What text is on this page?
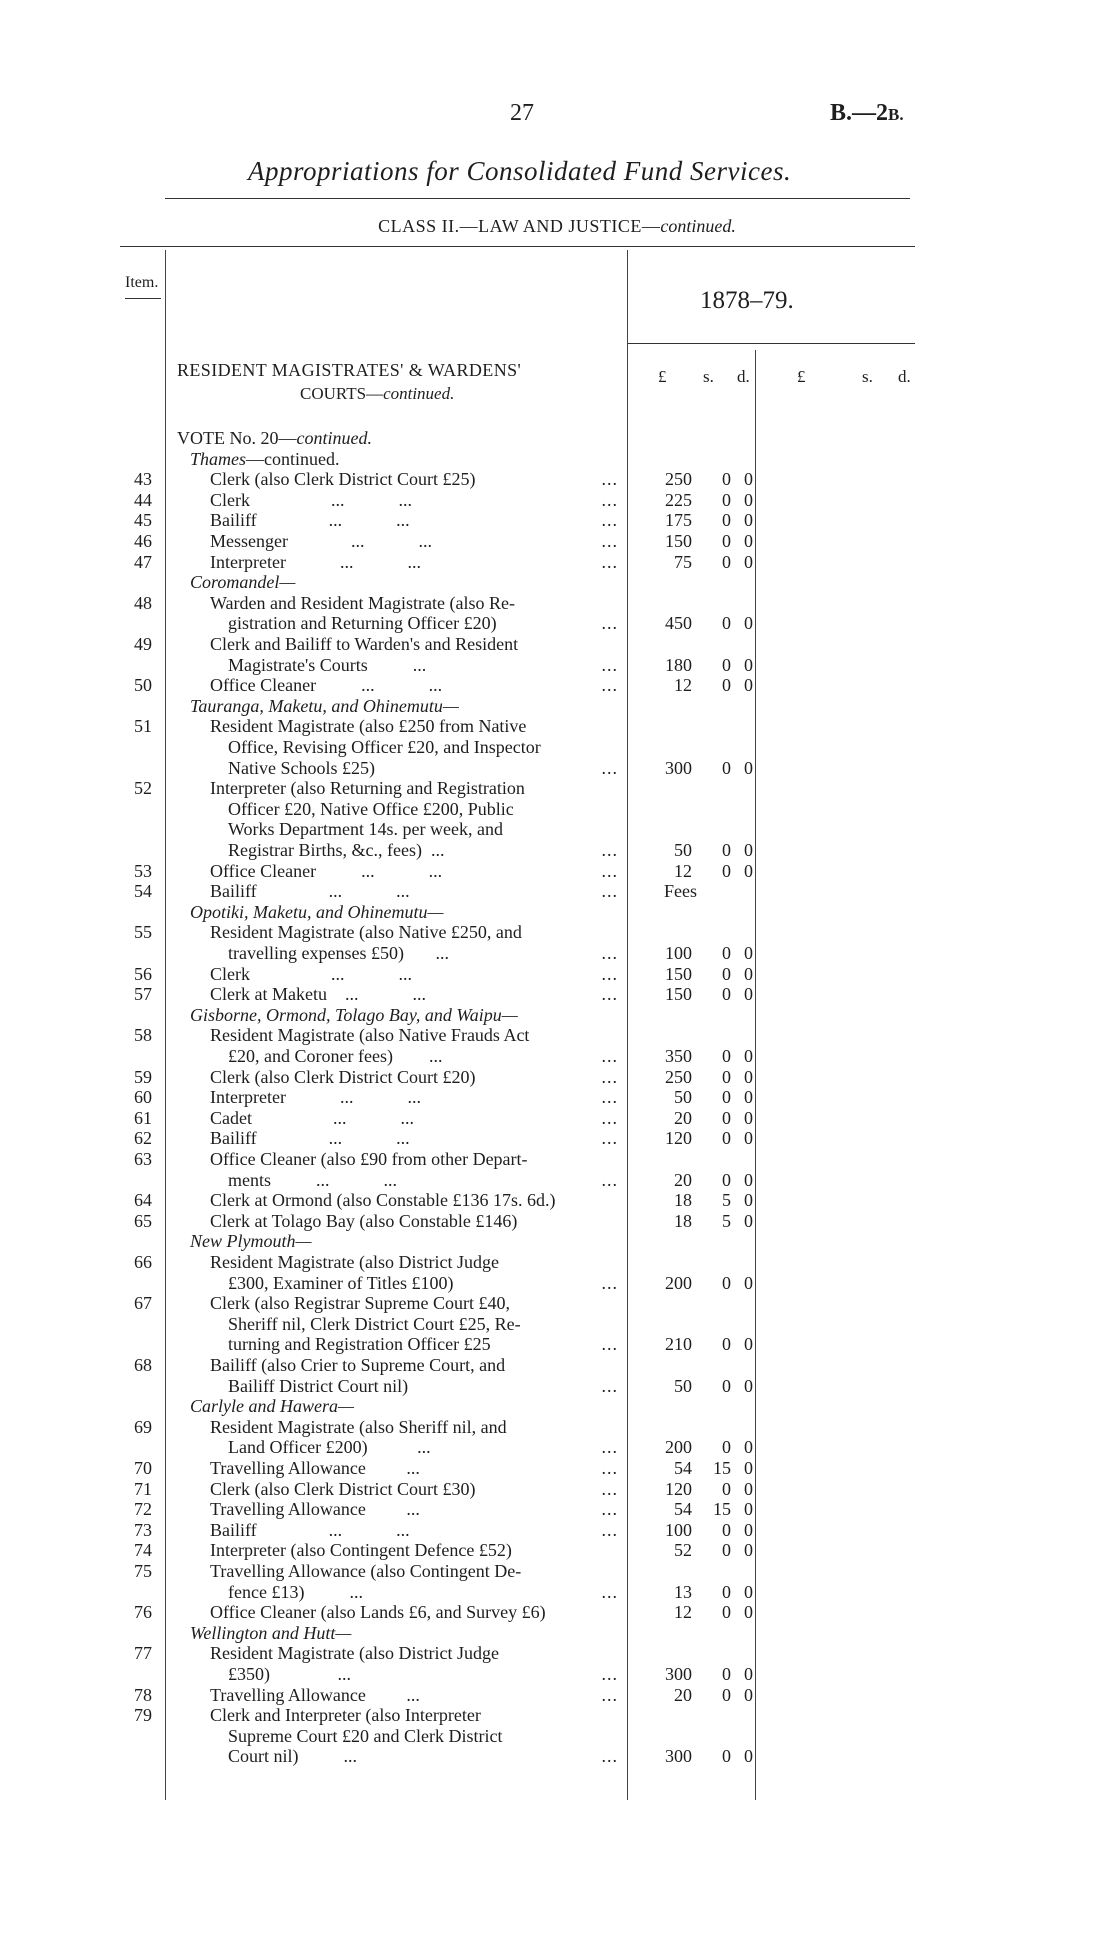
27	B.—2B.
Appropriations for Consolidated Fund Services.
CLASS II.—LAW AND JUSTICE—continued.
Item.
1878–79.
£ s. d.	£	s. d.
RESIDENT MAGISTRATES' & WARDENS'
COURTS—continued.
VOTE No. 20—continued.
Thames—continued.
43	Clerk (also Clerk District Court £25)	...	250	0 0
44	Clerk                  ...            ...	...	225	0 0
45	Bailiff                ...            ...	...	175	0 0
46	Messenger              ...            ...	...	150	0 0
47	Interpreter            ...            ...	...	75	0 0
Coromandel—
48	Warden and Resident Magistrate (also Re-
gistration and Returning Officer £20)	...	450	0 0
49	Clerk and Bailiff to Warden's and Resident
Magistrate's Courts          ...	...	180	0 0
50	Office Cleaner          ...            ...	...	12	0 0
Tauranga, Maketu, and Ohinemutu—
51	Resident Magistrate (also £250 from Native
Office, Revising Officer £20, and Inspector
Native Schools £25)	...	300	0 0
52	Interpreter (also Returning and Registration
Officer £20, Native Office £200, Public
Works Department 14s. per week, and
Registrar Births, &c., fees)  ...	...	50	0 0
53	Office Cleaner          ...            ...	...	12	0 0
54	Bailiff                ...            ...	...	Fees
Opotiki, Maketu, and Ohinemutu—
55	Resident Magistrate (also Native £250, and
travelling expenses £50)       ...	...	100	0 0
56	Clerk                  ...            ...	...	150	0 0
57	Clerk at Maketu    ...            ...	...	150	0 0
Gisborne, Ormond, Tolago Bay, and Waipu—
58	Resident Magistrate (also Native Frauds Act
£20, and Coroner fees)        ...	...	350	0 0
59	Clerk (also Clerk District Court £20)	...	250	0 0
60	Interpreter            ...            ...	...	50	0 0
61	Cadet                  ...            ...	...	20	0 0
62	Bailiff                ...            ...	...	120	0 0
63	Office Cleaner (also £90 from other Depart-
ments          ...            ...	...	20	0 0
64	Clerk at Ormond (also Constable £136 17s. 6d.)	18	5 0
65	Clerk at Tolago Bay (also Constable £146)	18	5 0
New Plymouth—
66	Resident Magistrate (also District Judge
£300, Examiner of Titles £100)	...	200	0 0
67	Clerk (also Registrar Supreme Court £40,
Sheriff nil, Clerk District Court £25, Re-
turning and Registration Officer £25	...	210	0 0
68	Bailiff (also Crier to Supreme Court, and
Bailiff District Court nil)	...	50	0 0
Carlyle and Hawera—
69	Resident Magistrate (also Sheriff nil, and
Land Officer £200)           ...	...	200	0 0
70	Travelling Allowance         ...	...	54	15 0
71	Clerk (also Clerk District Court £30)	...	120	0 0
72	Travelling Allowance         ...	...	54	15 0
73	Bailiff                ...            ...	...	100	0 0
74	Interpreter (also Contingent Defence £52)	52	0 0
75	Travelling Allowance (also Contingent De-
fence £13)          ...	...	13	0 0
76	Office Cleaner (also Lands £6, and Survey £6)	12	0 0
Wellington and Hutt—
77	Resident Magistrate (also District Judge
£350)               ...	...	300	0 0
78	Travelling Allowance         ...	...	20	0 0
79	Clerk and Interpreter (also Interpreter
Supreme Court £20 and Clerk District
Court nil)          ...	...	300	0 0
